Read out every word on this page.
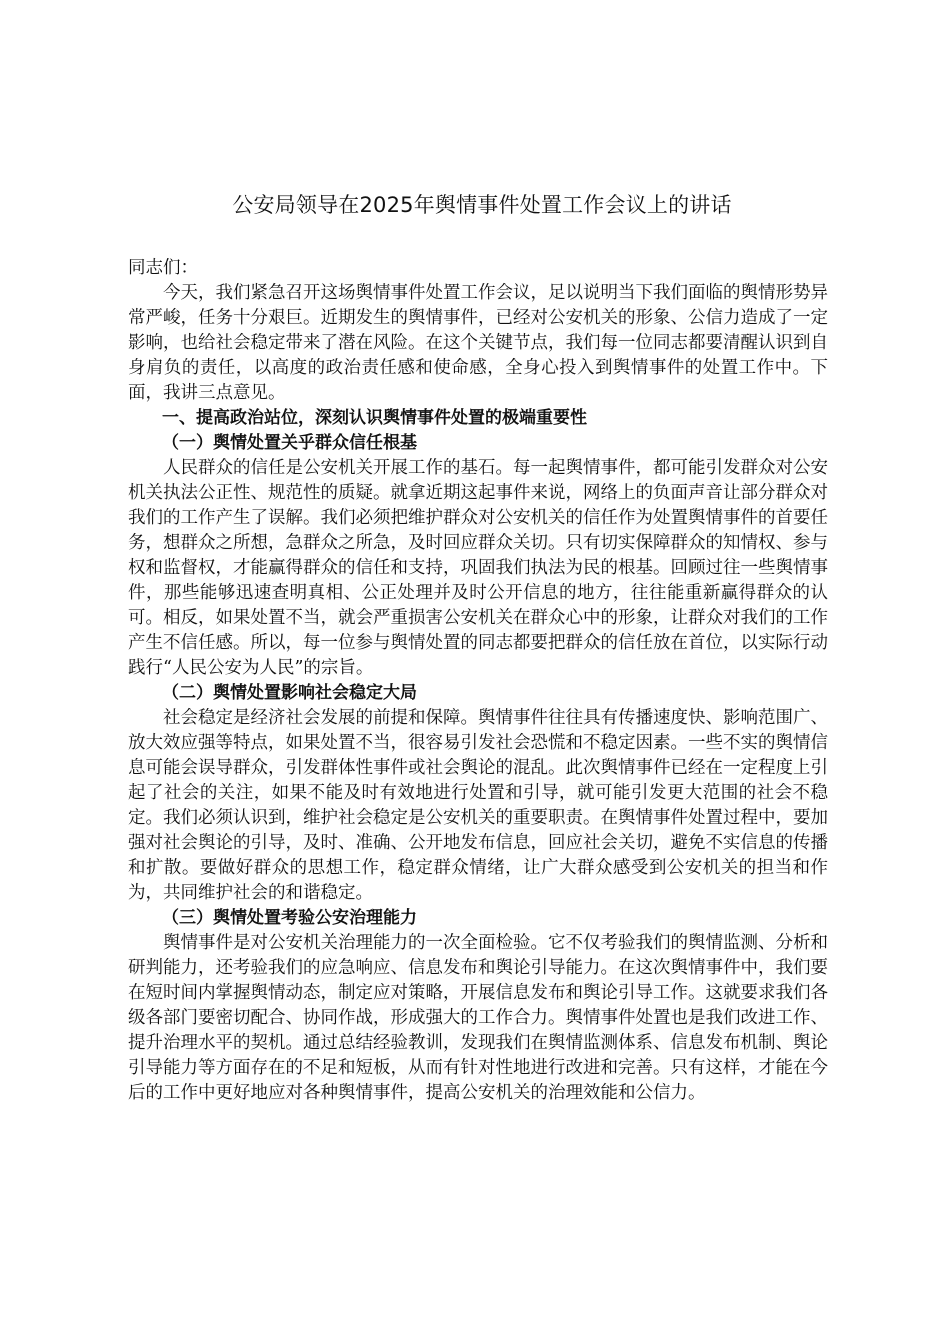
公安局领导在2025年舆情事件处置工作会议上的讲话

同志们：

今天，我们紧急召开这场舆情事件处置工作会议，足以说明当下我们面临的舆情形势异常严峻，任务十分艰巨。近期发生的舆情事件，已经对公安机关的形象、公信力造成了一定影响，也给社会稳定带来了潜在风险。在这个关键节点，我们每一位同志都要清醒认识到自身肩负的责任，以高度的政治责任感和使命感，全身心投入到舆情事件的处置工作中。下面，我讲三点意见。

一、提高政治站位，深刻认识舆情事件处置的极端重要性

（一）舆情处置关乎群众信任根基

人民群众的信任是公安机关开展工作的基石。每一起舆情事件，都可能引发群众对公安机关执法公正性、规范性的质疑。就拿近期这起事件来说，网络上的负面声音让部分群众对我们的工作产生了误解。我们必须把维护群众对公安机关的信任作为处置舆情事件的首要任务，想群众之所想，急群众之所急，及时回应群众关切。只有切实保障群众的知情权、参与权和监督权，才能赢得群众的信任和支持，巩固我们执法为民的根基。回顾过往一些舆情事件，那些能够迅速查明真相、公正处理并及时公开信息的地方，往往能重新赢得群众的认可。相反，如果处置不当，就会严重损害公安机关在群众心中的形象，让群众对我们的工作产生不信任感。所以，每一位参与舆情处置的同志都要把群众的信任放在首位，以实际行动践行“人民公安为人民”的宗旨。

（二）舆情处置影响社会稳定大局

社会稳定是经济社会发展的前提和保障。舆情事件往往具有传播速度快、影响范围广、放大效应强等特点，如果处置不当，很容易引发社会恐慌和不稳定因素。一些不实的舆情信息可能会误导群众，引发群体性事件或社会舆论的混乱。此次舆情事件已经在一定程度上引起了社会的关注，如果不能及时有效地进行处置和引导，就可能引发更大范围的社会不稳定。我们必须认识到，维护社会稳定是公安机关的重要职责。在舆情事件处置过程中，要加强对社会舆论的引导，及时、准确、公开地发布信息，回应社会关切，避免不实信息的传播和扩散。要做好群众的思想工作，稳定群众情绪，让广大群众感受到公安机关的担当和作为，共同维护社会的和谐稳定。

（三）舆情处置考验公安治理能力

舆情事件是对公安机关治理能力的一次全面检验。它不仅考验我们的舆情监测、分析和研判能力，还考验我们的应急响应、信息发布和舆论引导能力。在这次舆情事件中，我们要在短时间内掌握舆情动态，制定应对策略，开展信息发布和舆论引导工作。这就要求我们各级各部门要密切配合、协同作战，形成强大的工作合力。舆情事件处置也是我们改进工作、提升治理水平的契机。通过总结经验教训，发现我们在舆情监测体系、信息发布机制、舆论引导能力等方面存在的不足和短板，从而有针对性地进行改进和完善。只有这样，才能在今后的工作中更好地应对各种舆情事件，提高公安机关的治理效能和公信力。
